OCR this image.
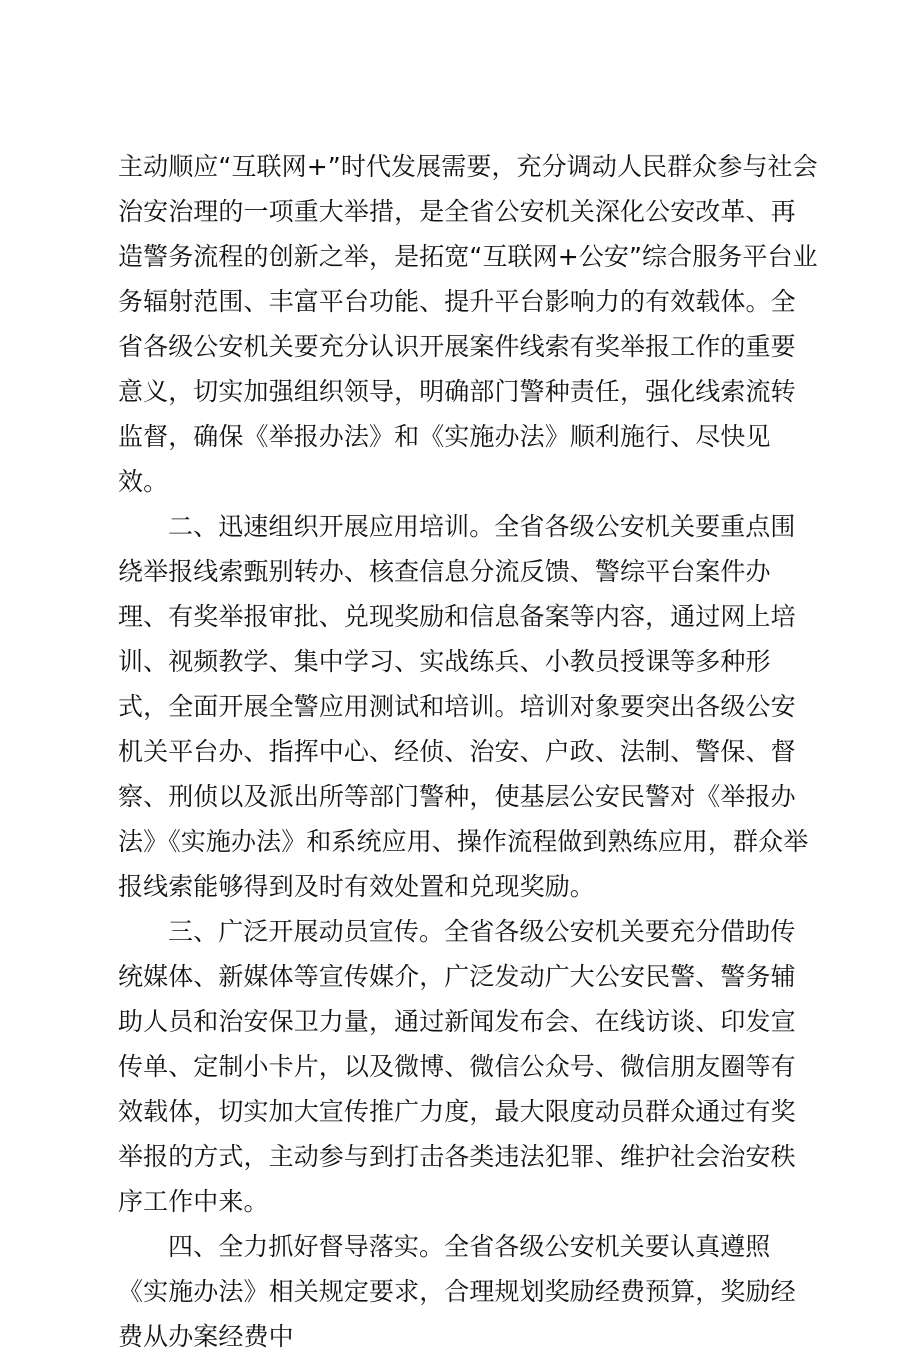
主动顺应“互联网+”时代发展需要，充分调动人民群众参与社会治安治理的一项重大举措，是全省公安机关深化公安改革、再造警务流程的创新之举，是拓宽“互联网+公安”综合服务平台业务辐射范围、丰富平台功能、提升平台影响力的有效载体。全省各级公安机关要充分认识开展案件线索有奖举报工作的重要意义，切实加强组织领导，明确部门警种责任，强化线索流转监督，确保《举报办法》和《实施办法》顺利施行、尽快见效。

二、迅速组织开展应用培训。全省各级公安机关要重点围绕举报线索甄别转办、核查信息分流反馈、警综平台案件办理、有奖举报审批、兑现奖励和信息备案等内容，通过网上培训、视频教学、集中学习、实战练兵、小教员授课等多种形式，全面开展全警应用测试和培训。培训对象要突出各级公安机关平台办、指挥中心、经侦、治安、户政、法制、警保、督察、刑侦以及派出所等部门警种，使基层公安民警对《举报办法》《实施办法》和系统应用、操作流程做到熟练应用，群众举报线索能够得到及时有效处置和兑现奖励。

三、广泛开展动员宣传。全省各级公安机关要充分借助传统媒体、新媒体等宣传媒介，广泛发动广大公安民警、警务辅助人员和治安保卫力量，通过新闻发布会、在线访谈、印发宣传单、定制小卡片，以及微博、微信公众号、微信朋友圈等有效载体，切实加大宣传推广力度，最大限度动员群众通过有奖举报的方式，主动参与到打击各类违法犯罪、维护社会治安秩序工作中来。

四、全力抓好督导落实。全省各级公安机关要认真遵照《实施办法》相关规定要求，合理规划奖励经费预算，奖励经费从办案经费中
